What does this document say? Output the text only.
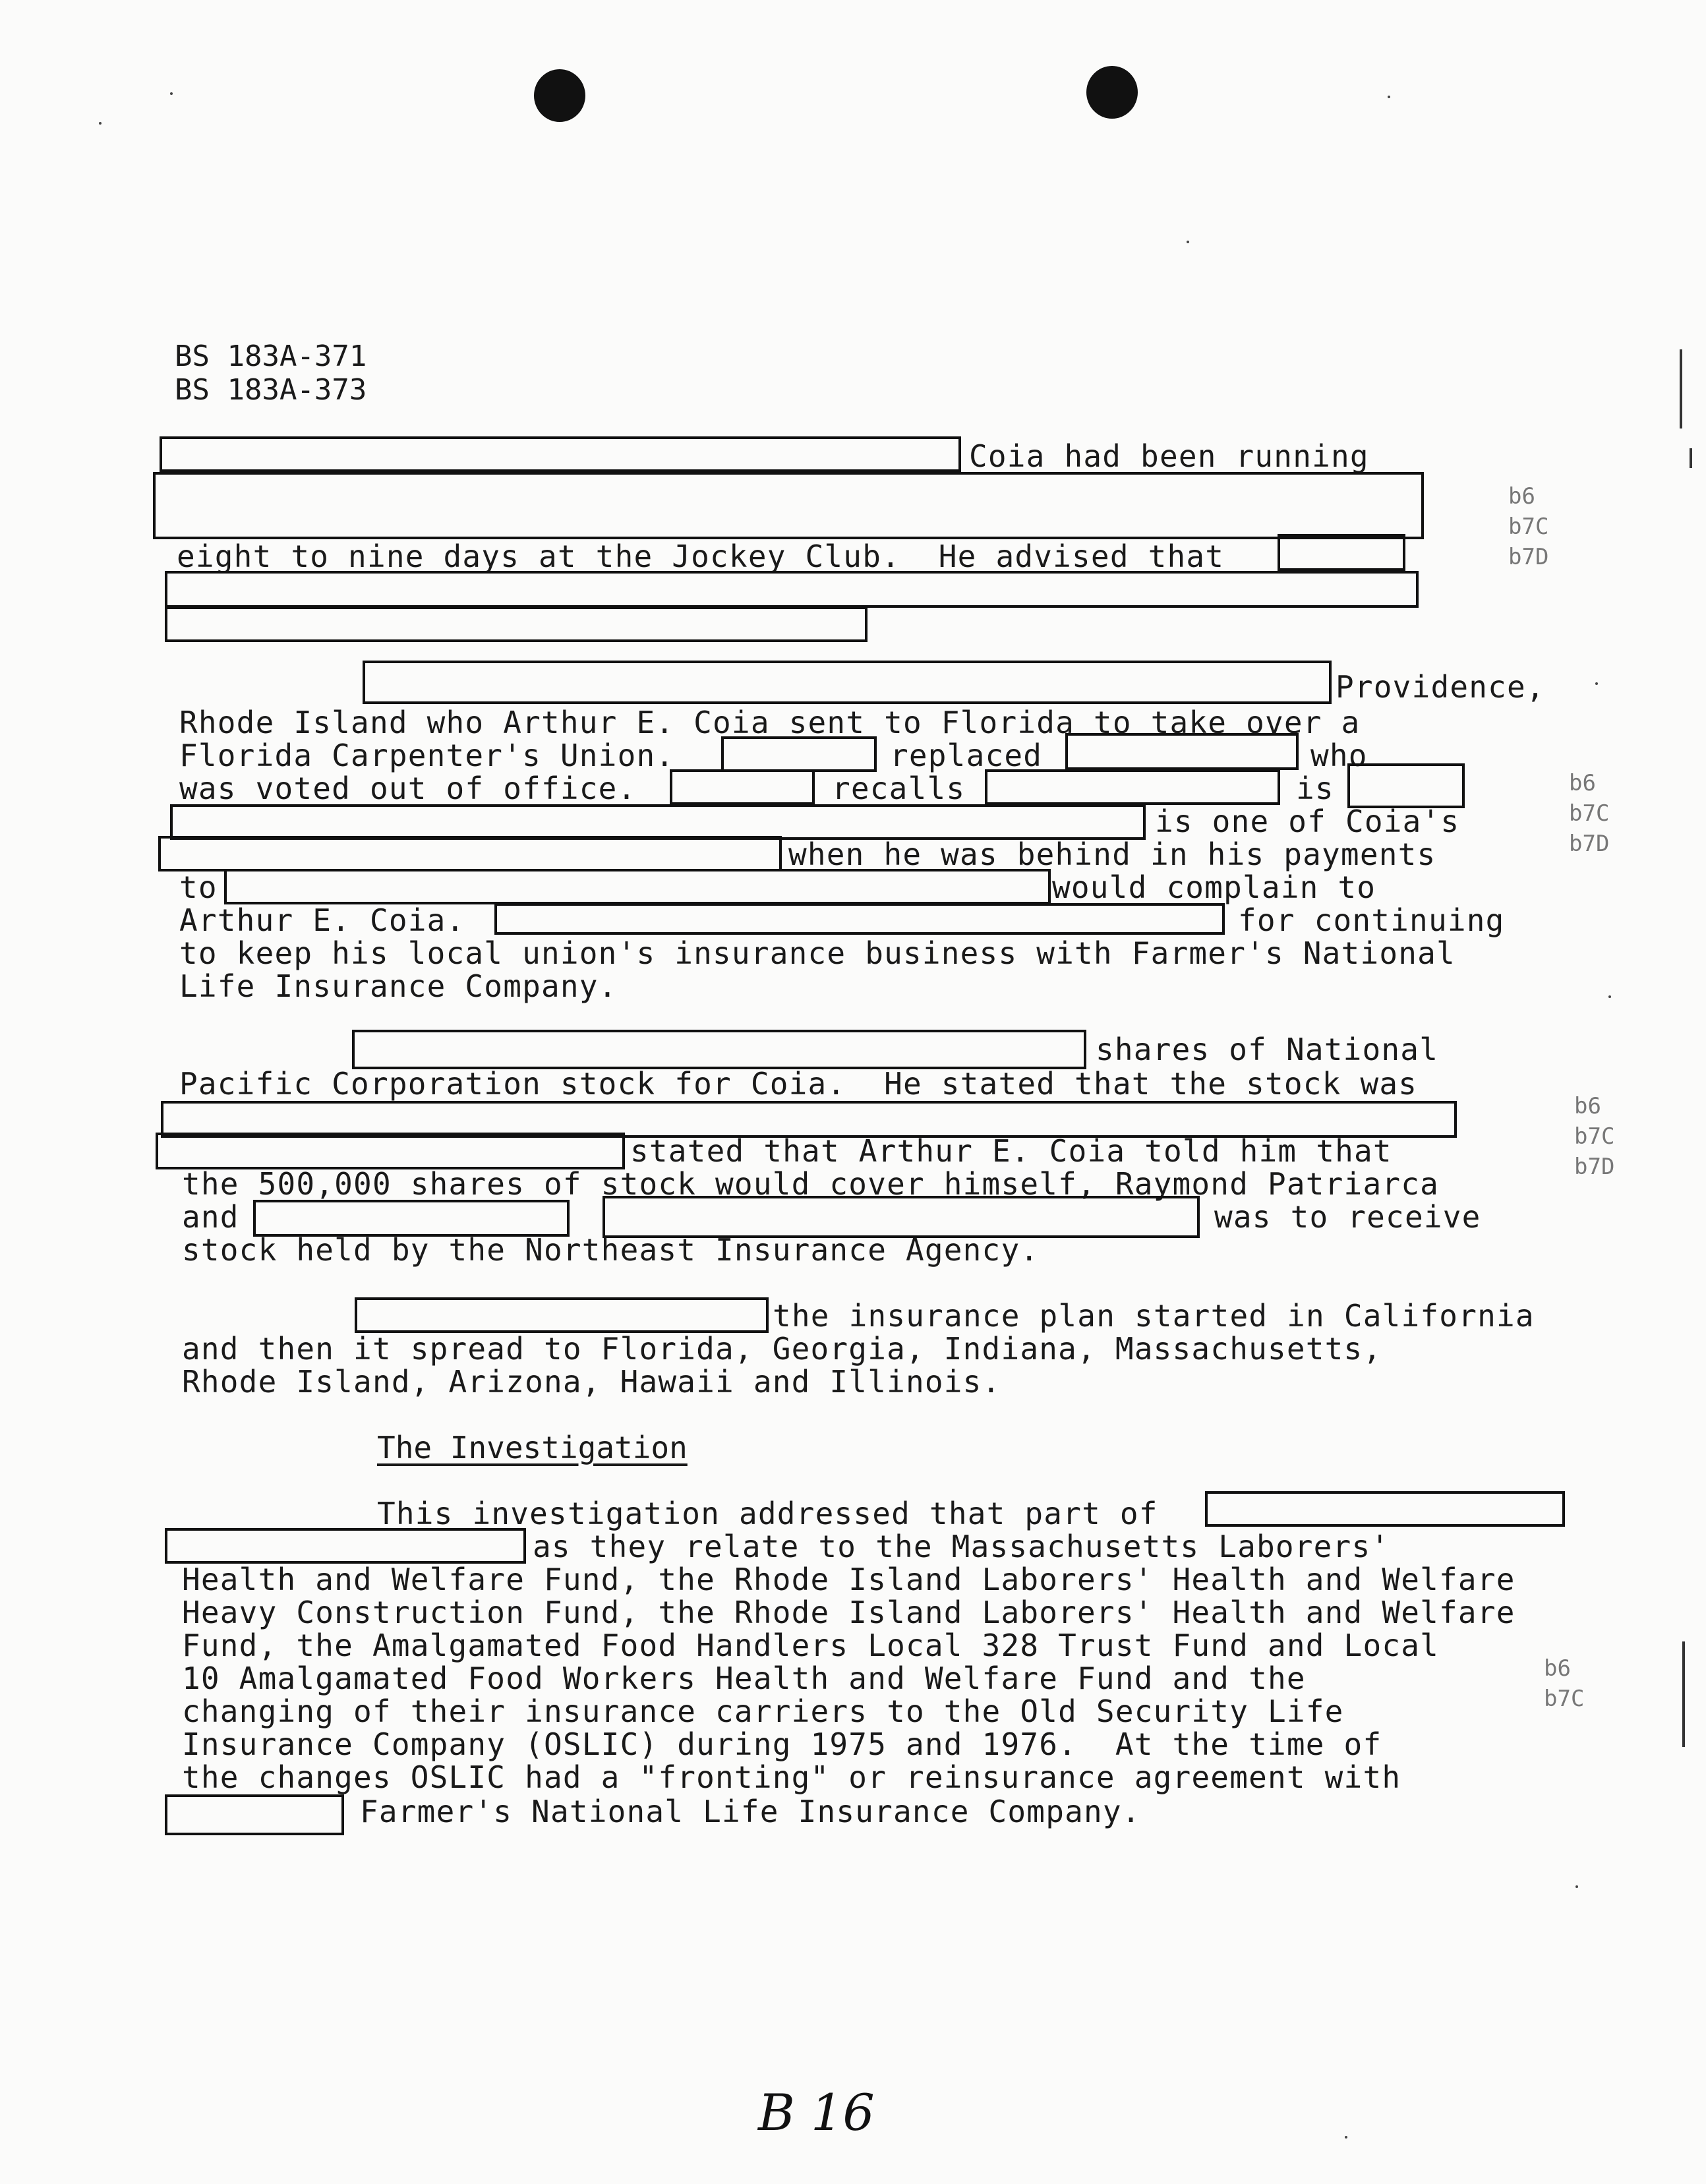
BS 183A-371
BS 183A-373
Coia had been running
eight to nine days at the Jockey Club.  He advised that
b6
b7C
b7D
Providence,
Rhode Island who Arthur E. Coia sent to Florida to take over a
Florida Carpenter's Union.	replaced	who
was voted out of office.	recalls	is
is one of Coia's
when he was behind in his payments
to	would complain to
Arthur E. Coia.	for continuing
to keep his local union's insurance business with Farmer's National
Life Insurance Company.
b6
b7C
b7D
shares of National
Pacific Corporation stock for Coia.  He stated that the stock was
stated that Arthur E. Coia told him that
the 500,000 shares of stock would cover himself, Raymond Patriarca
and	was to receive
stock held by the Northeast Insurance Agency.
b6
b7C
b7D
the insurance plan started in California
and then it spread to Florida, Georgia, Indiana, Massachusetts,
Rhode Island, Arizona, Hawaii and Illinois.
The Investigation
This investigation addressed that part of
as they relate to the Massachusetts Laborers'
Health and Welfare Fund, the Rhode Island Laborers' Health and Welfare
Heavy Construction Fund, the Rhode Island Laborers' Health and Welfare
Fund, the Amalgamated Food Handlers Local 328 Trust Fund and Local
10 Amalgamated Food Workers Health and Welfare Fund and the
changing of their insurance carriers to the Old Security Life
Insurance Company (OSLIC) during 1975 and 1976.  At the time of
the changes OSLIC had a "fronting" or reinsurance agreement with
Farmer's National Life Insurance Company.
b6
b7C
B 16
